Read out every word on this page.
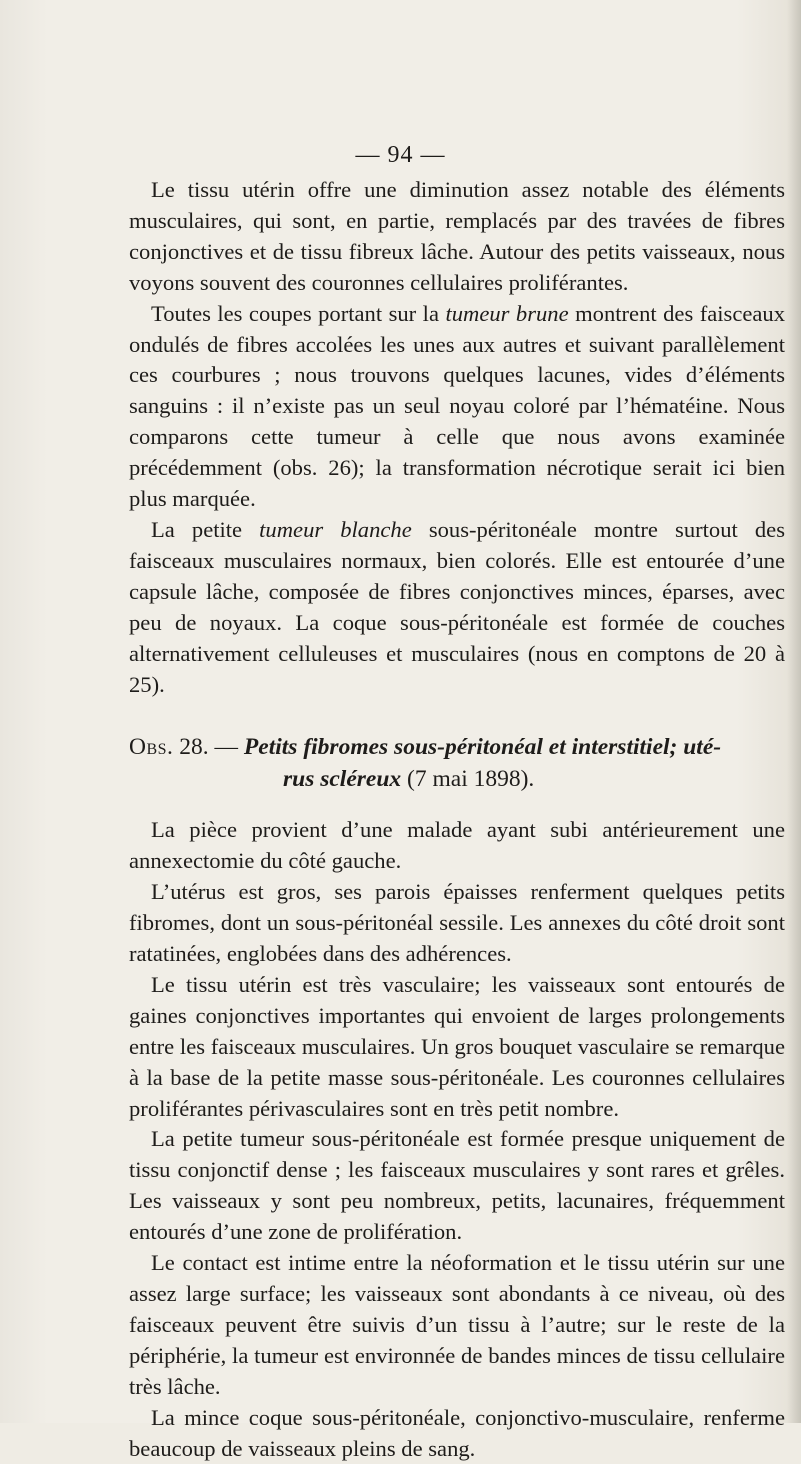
— 94 —

Le tissu utérin offre une diminution assez notable des éléments musculaires, qui sont, en partie, remplacés par des travées de fibres conjonctives et de tissu fibreux lâche. Autour des petits vaisseaux, nous voyons souvent des couronnes cellulaires proliférantes.

Toutes les coupes portant sur la tumeur brune montrent des faisceaux ondulés de fibres accolées les unes aux autres et suivant parallèlement ces courbures ; nous trouvons quelques lacunes, vides d’éléments sanguins : il n’existe pas un seul noyau coloré par l’hématéine. Nous comparons cette tumeur à celle que nous avons examinée précédemment (obs. 26); la transformation nécrotique serait ici bien plus marquée.

La petite tumeur blanche sous-péritonéale montre surtout des faisceaux musculaires normaux, bien colorés. Elle est entourée d’une capsule lâche, composée de fibres conjonctives minces, éparses, avec peu de noyaux. La coque sous-péritonéale est formée de couches alternativement celluleuses et musculaires (nous en comptons de 20 à 25).

Obs. 28. — Petits fibromes sous-péritonéal et interstitiel; uté-
rus scléreux (7 mai 1898).

La pièce provient d’une malade ayant subi antérieurement une annexectomie du côté gauche.

L’utérus est gros, ses parois épaisses renferment quelques petits fibromes, dont un sous-péritonéal sessile. Les annexes du côté droit sont ratatinées, englobées dans des adhérences.

Le tissu utérin est très vasculaire; les vaisseaux sont entourés de gaines conjonctives importantes qui envoient de larges prolongements entre les faisceaux musculaires. Un gros bouquet vasculaire se remarque à la base de la petite masse sous-péritonéale. Les couronnes cellulaires proliférantes périvasculaires sont en très petit nombre.

La petite tumeur sous-péritonéale est formée presque uniquement de tissu conjonctif dense ; les faisceaux musculaires y sont rares et grêles. Les vaisseaux y sont peu nombreux, petits, lacunaires, fréquemment entourés d’une zone de prolifération.

Le contact est intime entre la néoformation et le tissu utérin sur une assez large surface; les vaisseaux sont abondants à ce niveau, où des faisceaux peuvent être suivis d’un tissu à l’autre; sur le reste de la périphérie, la tumeur est environnée de bandes minces de tissu cellulaire très lâche.

La mince coque sous-péritonéale, conjonctivo-musculaire, renferme beaucoup de vaisseaux pleins de sang.
